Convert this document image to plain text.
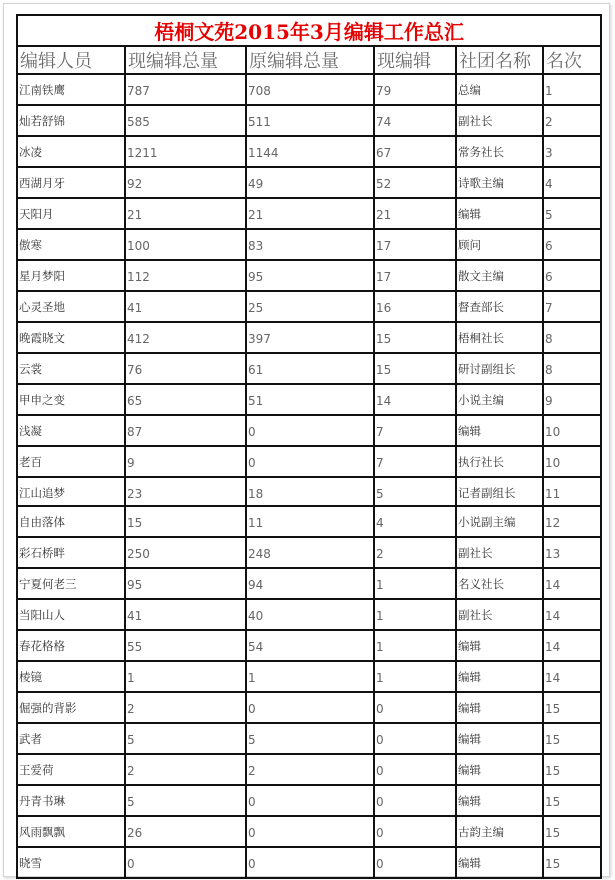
梧桐文苑2015年3月编辑工作总汇					
编辑人员	现编辑总量	原编辑总量	现编辑	社团名称	名次
江南铁鹰	787	708	79	总编	1
灿若舒锦	585	511	74	副社长	2
冰凌	1211	1144	67	常务社长	3
西湖月牙	92	49	52	诗歌主编	4
天阳月	21	21	21	编辑	5
傲寒	100	83	17	顾问	6
星月梦阳	112	95	17	散文主编	6
心灵圣地	41	25	16	督查部长	7
晚霞晓文	412	397	15	梧桐社长	8
云裳	76	61	15	研讨副组长	8
甲申之变	65	51	14	小说主编	9
浅凝	87	0	7	编辑	10
老百	9	0	7	执行社长	10
江山追梦	23	18	5	记者副组长	11
自由落体	15	11	4	小说副主编	12
彩石桥畔	250	248	2	副社长	13
宁夏何老三	95	94	1	名义社长	14
当阳山人	41	40	1	副社长	14
春花格格	55	54	1	编辑	14
棱镜	1	1	1	编辑	14
倔强的背影	2	0	0	编辑	15
武者	5	5	0	编辑	15
王爱荷	2	2	0	编辑	15
丹青书琳	5	0	0	编辑	15
风雨飘飘	26	0	0	古韵主编	15
晓雪	0	0	0	编辑	15
